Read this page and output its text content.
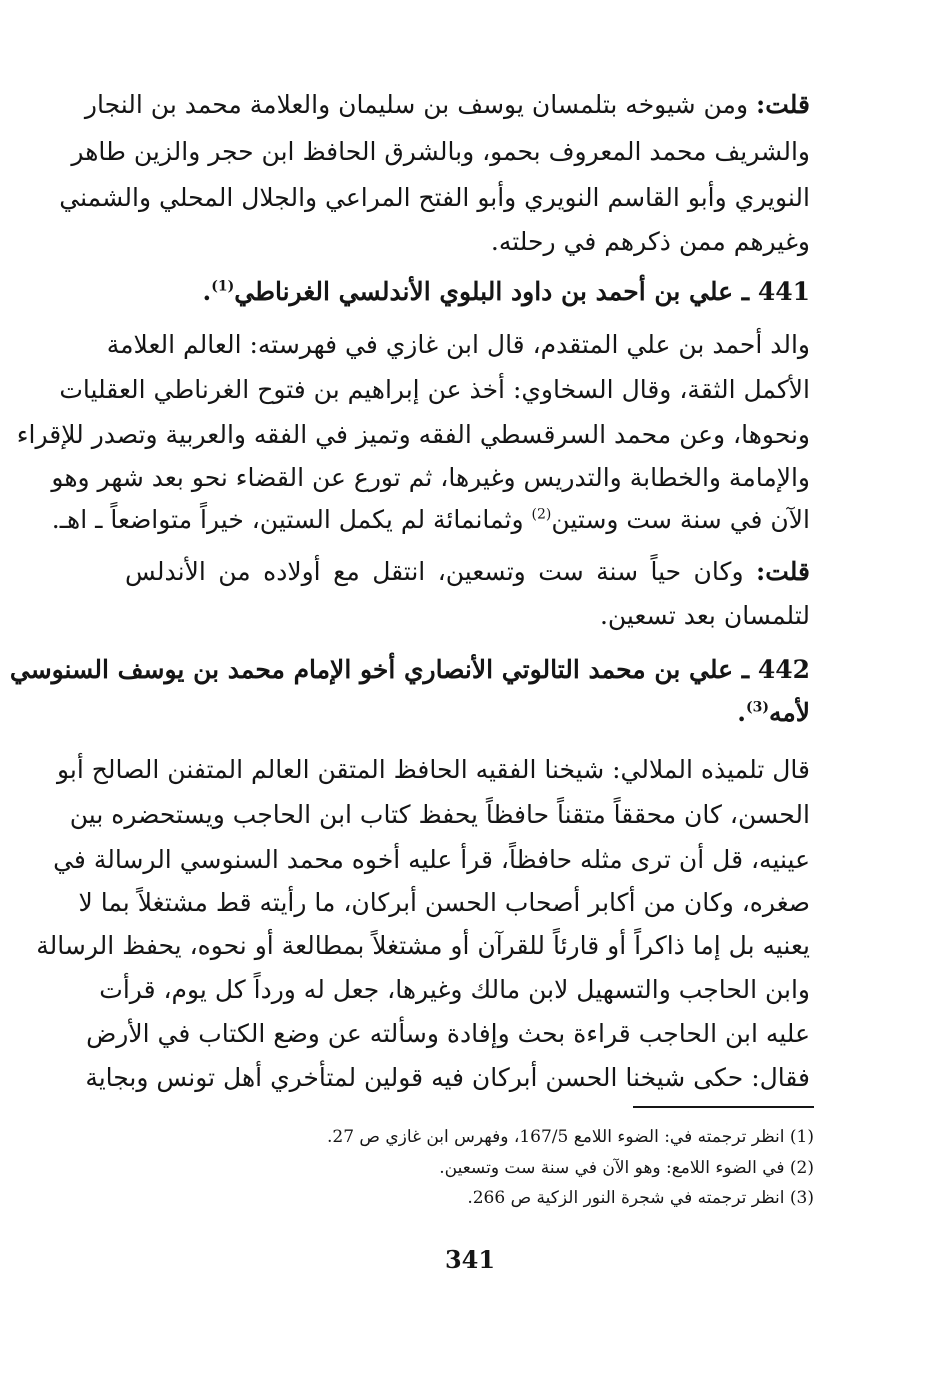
قلت: ومن شيوخه بتلمسان يوسف بن سليمان والعلامة محمد بن النجار
والشريف محمد المعروف بحمو، وبالشرق الحافظ ابن حجر والزين طاهر
النويري وأبو القاسم النويري وأبو الفتح المراعي والجلال المحلي والشمني
وغيرهم ممن ذكرهم في رحلته.
441 ـ علي بن أحمد بن داود البلوي الأندلسي الغرناطي$^{(1)}$.
والد أحمد بن علي المتقدم، قال ابن غازي في فهرسته: العالم العلامة
الأكمل الثقة، وقال السخاوي: أخذ عن إبراهيم بن فتوح الغرناطي العقليات
ونحوها، وعن محمد السرقسطي الفقه وتميز في الفقه والعربية وتصدر للإقراء
والإمامة والخطابة والتدريس وغيرها، ثم تورع عن القضاء نحو بعد شهر وهو
الآن في سنة ست وستين$^{(2)}$ وثمانمائة لم يكمل الستين، خيراً متواضعاً ـ اهـ.
قلت: وكان حياً سنة ست وتسعين، انتقل مع أولاده من الأندلس
لتلمسان بعد تسعين.
442 ـ علي بن محمد التالوتي الأنصاري أخو الإمام محمد بن يوسف السنوسي
لأمه$^{(3)}$.
قال تلميذه الملالي: شيخنا الفقيه الحافظ المتقن العالم المتفنن الصالح أبو
الحسن، كان محققاً متقناً حافظاً يحفظ كتاب ابن الحاجب ويستحضره بين
عينيه، قل أن ترى مثله حافظاً، قرأ عليه أخوه محمد السنوسي الرسالة في
صغره، وكان من أكابر أصحاب الحسن أبركان، ما رأيته قط مشتغلاً بما لا
يعنيه بل إما ذاكراً أو قارئاً للقرآن أو مشتغلاً بمطالعة أو نحوه، يحفظ الرسالة
وابن الحاجب والتسهيل لابن مالك وغيرها، جعل له ورداً كل يوم، قرأت
عليه ابن الحاجب قراءة بحث وإفادة وسألته عن وضع الكتاب في الأرض
فقال: حكى شيخنا الحسن أبركان فيه قولين لمتأخري أهل تونس وبجاية
(1) انظر ترجمته في: الضوء اللامع 167/5، وفهرس ابن غازي ص 27.
(2) في الضوء اللامع: وهو الآن في سنة ست وتسعين.
(3) انظر ترجمته في شجرة النور الزكية ص 266.
341
